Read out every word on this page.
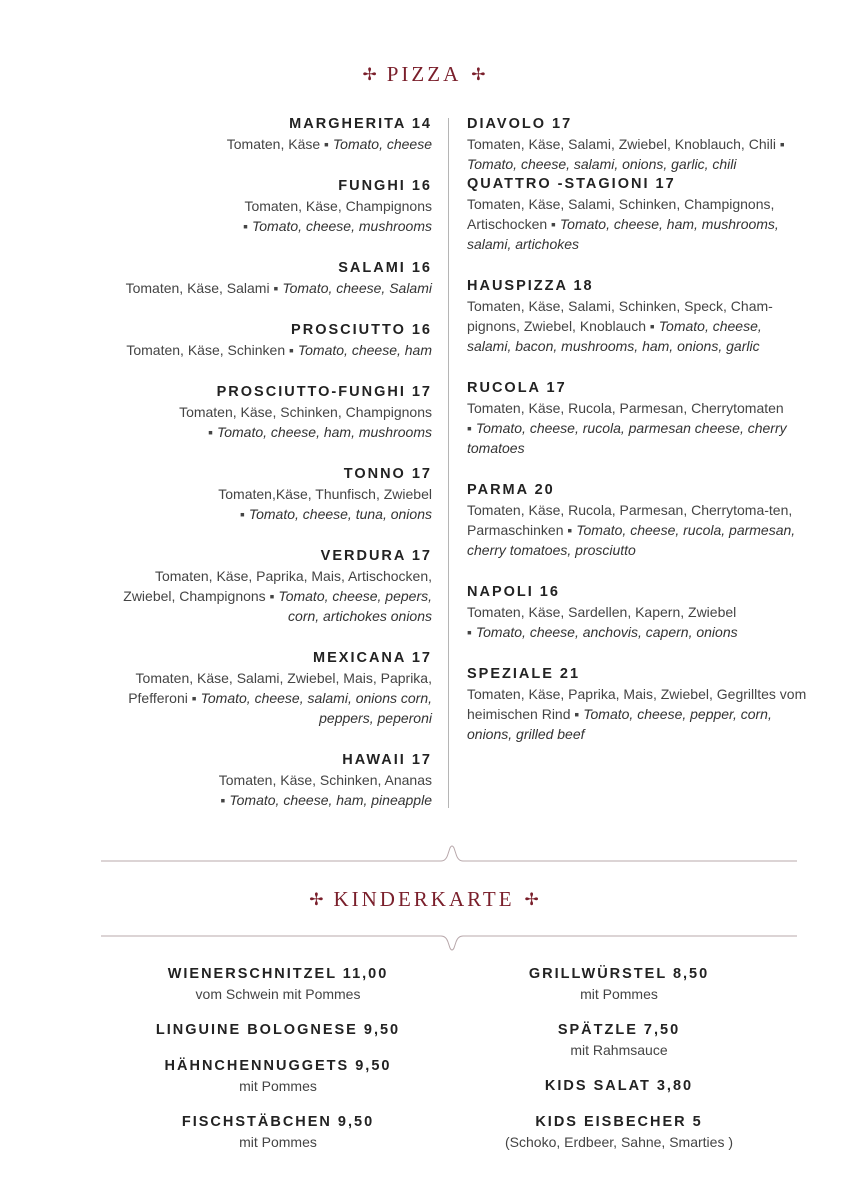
✢ PIZZA ✢
MARGHERITA 14
Tomaten, Käse ▪ Tomato, cheese
FUNGHI 16
Tomaten, Käse, Champignons
▪ Tomato, cheese, mushrooms
SALAMI 16
Tomaten, Käse, Salami ▪ Tomato, cheese, Salami
PROSCIUTTO 16
Tomaten, Käse, Schinken ▪ Tomato, cheese, ham
PROSCIUTTO-FUNGHI 17
Tomaten, Käse, Schinken, Champignons
▪ Tomato, cheese, ham, mushrooms
TONNO 17
Tomaten,Käse, Thunfisch, Zwiebel
▪ Tomato, cheese, tuna, onions
VERDURA 17
Tomaten, Käse, Paprika, Mais, Artischocken, Zwiebel, Champignons ▪ Tomato, cheese, pepers, corn, artichokes onions
MEXICANA 17
Tomaten, Käse, Salami, Zwiebel, Mais, Paprika, Pfefferoni ▪ Tomato, cheese, salami, onions corn, peppers, peperoni
HAWAII 17
Tomaten, Käse, Schinken, Ananas
▪ Tomato, cheese, ham, pineapple
DIAVOLO 17
Tomaten, Käse, Salami, Zwiebel, Knoblauch, Chili ▪ Tomato, cheese, salami, onions, garlic, chili
QUATTRO -STAGIONI 17
Tomaten, Käse, Salami, Schinken, Champignons, Artischocken ▪ Tomato, cheese, ham, mushrooms, salami, artichokes
HAUSPIZZA 18
Tomaten, Käse, Salami, Schinken, Speck, Cham-pignons, Zwiebel, Knoblauch ▪ Tomato, cheese, salami, bacon, mushrooms, ham, onions, garlic
RUCOLA 17
Tomaten, Käse, Rucola, Parmesan, Cherrytomaten
▪ Tomato, cheese, rucola, parmesan cheese, cherry tomatoes
PARMA 20
Tomaten, Käse, Rucola, Parmesan, Cherrytoma-ten, Parmaschinken ▪ Tomato, cheese, rucola, parmesan, cherry tomatoes, prosciutto
NAPOLI 16
Tomaten, Käse, Sardellen, Kapern, Zwiebel
▪ Tomato, cheese, anchovis, capern, onions
SPEZIALE 21
Tomaten, Käse, Paprika, Mais, Zwiebel, Gegrilltes vom heimischen Rind ▪ Tomato, cheese, pepper, corn, onions, grilled beef
✢ KINDERKARTE ✢
WIENERSCHNITZEL 11,00
vom Schwein mit Pommes
LINGUINE BOLOGNESE 9,50
HÄHNCHENNUGGETS 9,50
mit Pommes
FISCHSTÄBCHEN 9,50
mit Pommes
GRILLWÜRSTEL 8,50
mit Pommes
SPÄTZLE 7,50
mit Rahmsauce
KIDS SALAT 3,80
KIDS EISBECHER 5
(Schoko, Erdbeer, Sahne, Smarties )
